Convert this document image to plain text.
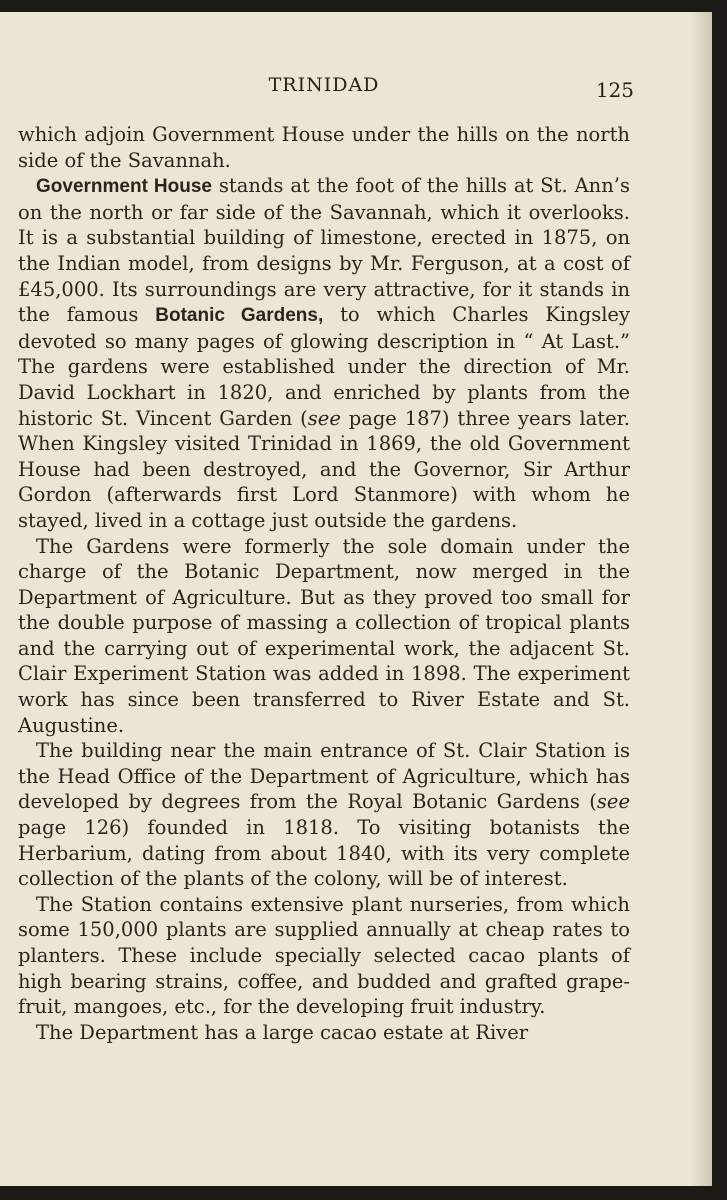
TRINIDAD	125

which adjoin Government House under the hills on the north side of the Savannah.

Government House stands at the foot of the hills at St. Ann’s on the north or far side of the Savannah, which it overlooks. It is a substantial building of limestone, erected in 1875, on the Indian model, from designs by Mr. Ferguson, at a cost of £45,000. Its surroundings are very attractive, for it stands in the famous Botanic Gardens, to which Charles Kingsley devoted so many pages of glowing description in “ At Last.” The gardens were established under the direction of Mr. David Lockhart in 1820, and enriched by plants from the historic St. Vincent Garden (see page 187) three years later. When Kingsley visited Trinidad in 1869, the old Government House had been destroyed, and the Governor, Sir Arthur Gordon (afterwards first Lord Stanmore) with whom he stayed, lived in a cottage just outside the gardens.

The Gardens were formerly the sole domain under the charge of the Botanic Department, now merged in the Department of Agriculture. But as they proved too small for the double purpose of massing a collection of tropical plants and the carrying out of experimental work, the adjacent St. Clair Experiment Station was added in 1898. The experiment work has since been transferred to River Estate and St. Augustine.

The building near the main entrance of St. Clair Station is the Head Office of the Department of Agriculture, which has developed by degrees from the Royal Botanic Gardens (see page 126) founded in 1818. To visiting botanists the Herbarium, dating from about 1840, with its very complete collection of the plants of the colony, will be of interest.

The Station contains extensive plant nurseries, from which some 150,000 plants are supplied annually at cheap rates to planters. These include specially selected cacao plants of high bearing strains, coffee, and budded and grafted grape-fruit, mangoes, etc., for the developing fruit industry.

The Department has a large cacao estate at River
